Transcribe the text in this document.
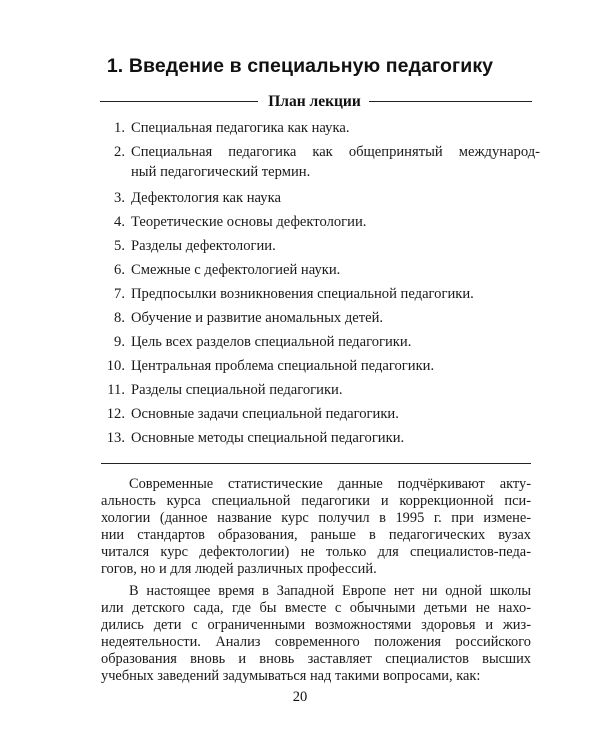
1. Введение в специальную педагогику
План лекции
1. Специальная педагогика как наука.
2. Специальная педагогика как общепринятый международ-
ный педагогический термин.
3. Дефектология как наука
4. Теоретические основы дефектологии.
5. Разделы дефектологии.
6. Смежные с дефектологией науки.
7. Предпосылки возникновения специальной педагогики.
8. Обучение и развитие аномальных детей.
9. Цель всех разделов специальной педагогики.
10. Центральная проблема специальной педагогики.
11. Разделы специальной педагогики.
12. Основные задачи специальной педагогики.
13. Основные методы специальной педагогики.
Современные статистические данные подчёркивают акту-
альность курса специальной педагогики и коррекционной пси-
хологии (данное название курс получил в 1995 г. при измене-
нии стандартов образования, раньше в педагогических вузах
читался курс дефектологии) не только для специалистов-педа-
гогов, но и для людей различных профессий.
В настоящее время в Западной Европе нет ни одной школы
или детского сада, где бы вместе с обычными детьми не нахо-
дились дети с ограниченными возможностями здоровья и жиз-
недеятельности. Анализ современного положения российского
образования вновь и вновь заставляет специалистов высших
учебных заведений задумываться над такими вопросами, как:
20
